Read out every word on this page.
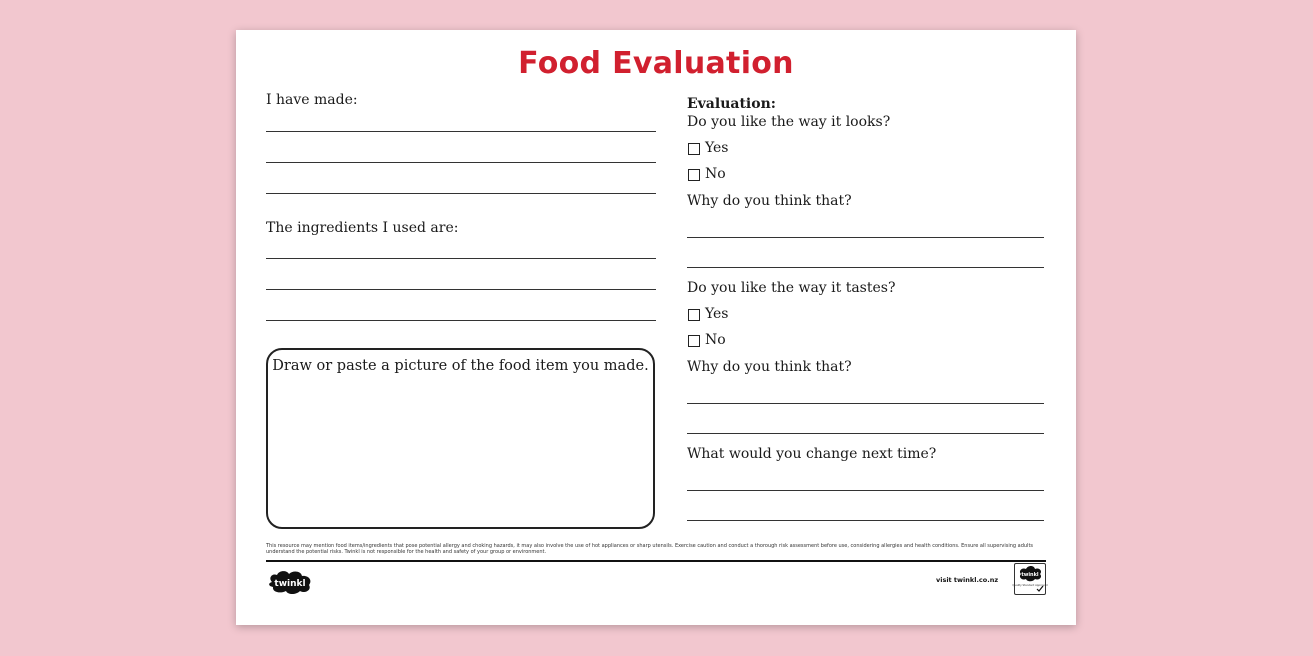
Food Evaluation
I have made:
The ingredients I used are:
Draw or paste a picture of the food item you made.
Evaluation:
Do you like the way it looks?
Yes
No
Why do you think that?
Do you like the way it tastes?
Yes
No
Why do you think that?
What would you change next time?
This resource may mention food items/ingredients that pose potential allergy and choking hazards, it may also involve the use of hot appliances or sharp utensils. Exercise caution and conduct a thorough risk assessment before use, considering allergies and health conditions. Ensure all supervising adults understand the potential risks. Twinkl is not responsible for the health and safety of your group or environment.
twinkl	visit twinkl.co.nz
twinkl
Quality Standard Approved
